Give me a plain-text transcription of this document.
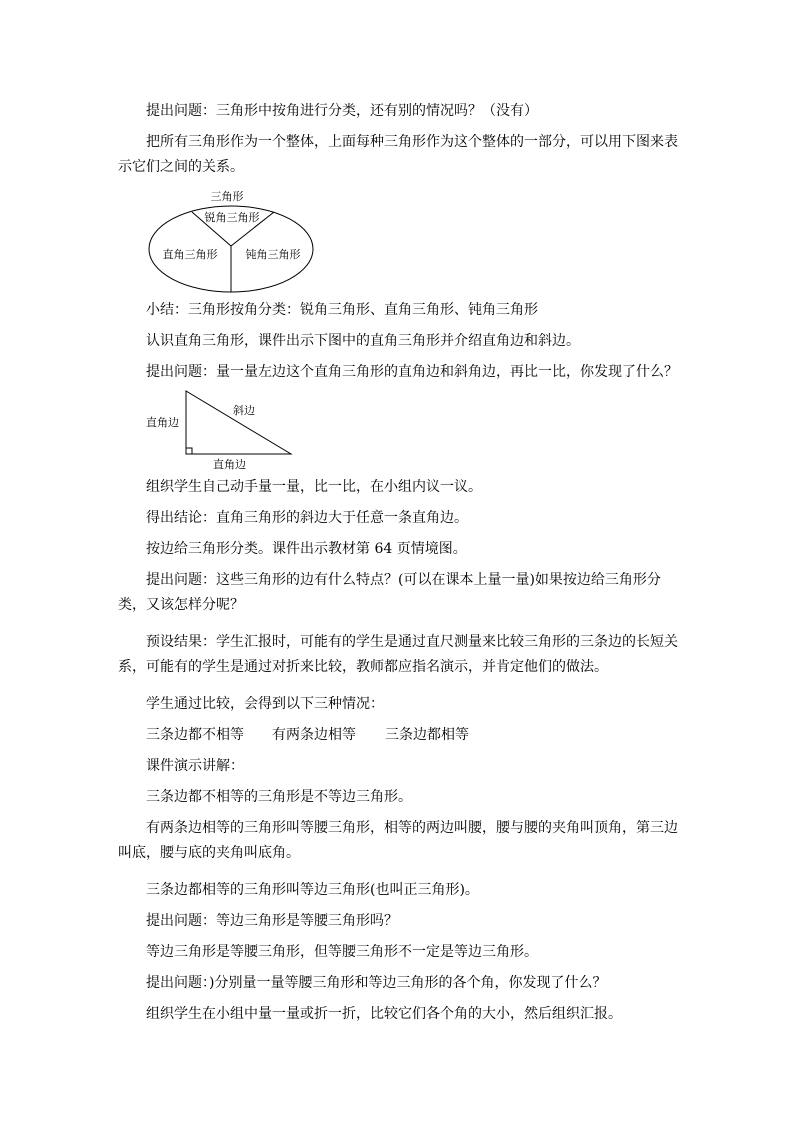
提出问题：三角形中按角进行分类，还有别的情况吗？（没有）

把所有三角形作为一个整体，上面每种三角形作为这个整体的一部分，可以用下图来表示它们之间的关系。

三角形
锐角三角形
直角三角形	钝角三角形

小结：三角形按角分类：锐角三角形、直角三角形、钝角三角形

认识直角三角形，课件出示下图中的直角三角形并介绍直角边和斜边。

提出问题：量一量左边这个直角三角形的直角边和斜角边，再比一比，你发现了什么？

直角边
斜边
直角边

组织学生自己动手量一量，比一比，在小组内议一议。

得出结论：直角三角形的斜边大于任意一条直角边。

按边给三角形分类。课件出示教材第 64 页情境图。

提出问题：这些三角形的边有什么特点？(可以在课本上量一量)如果按边给三角形分类，又该怎样分呢？

预设结果：学生汇报时，可能有的学生是通过直尺测量来比较三角形的三条边的长短关系，可能有的学生是通过对折来比较，教师都应指名演示，并肯定他们的做法。

学生通过比较，会得到以下三种情况：

三条边都不相等 有两条边相等 三条边都相等

课件演示讲解：

三条边都不相等的三角形是不等边三角形。

有两条边相等的三角形叫等腰三角形，相等的两边叫腰，腰与腰的夹角叫顶角，第三边叫底，腰与底的夹角叫底角。

三条边都相等的三角形叫等边三角形(也叫正三角形)。

提出问题：等边三角形是等腰三角形吗？

等边三角形是等腰三角形，但等腰三角形不一定是等边三角形。

提出问题：)分别量一量等腰三角形和等边三角形的各个角，你发现了什么？

组织学生在小组中量一量或折一折，比较它们各个角的大小，然后组织汇报。
